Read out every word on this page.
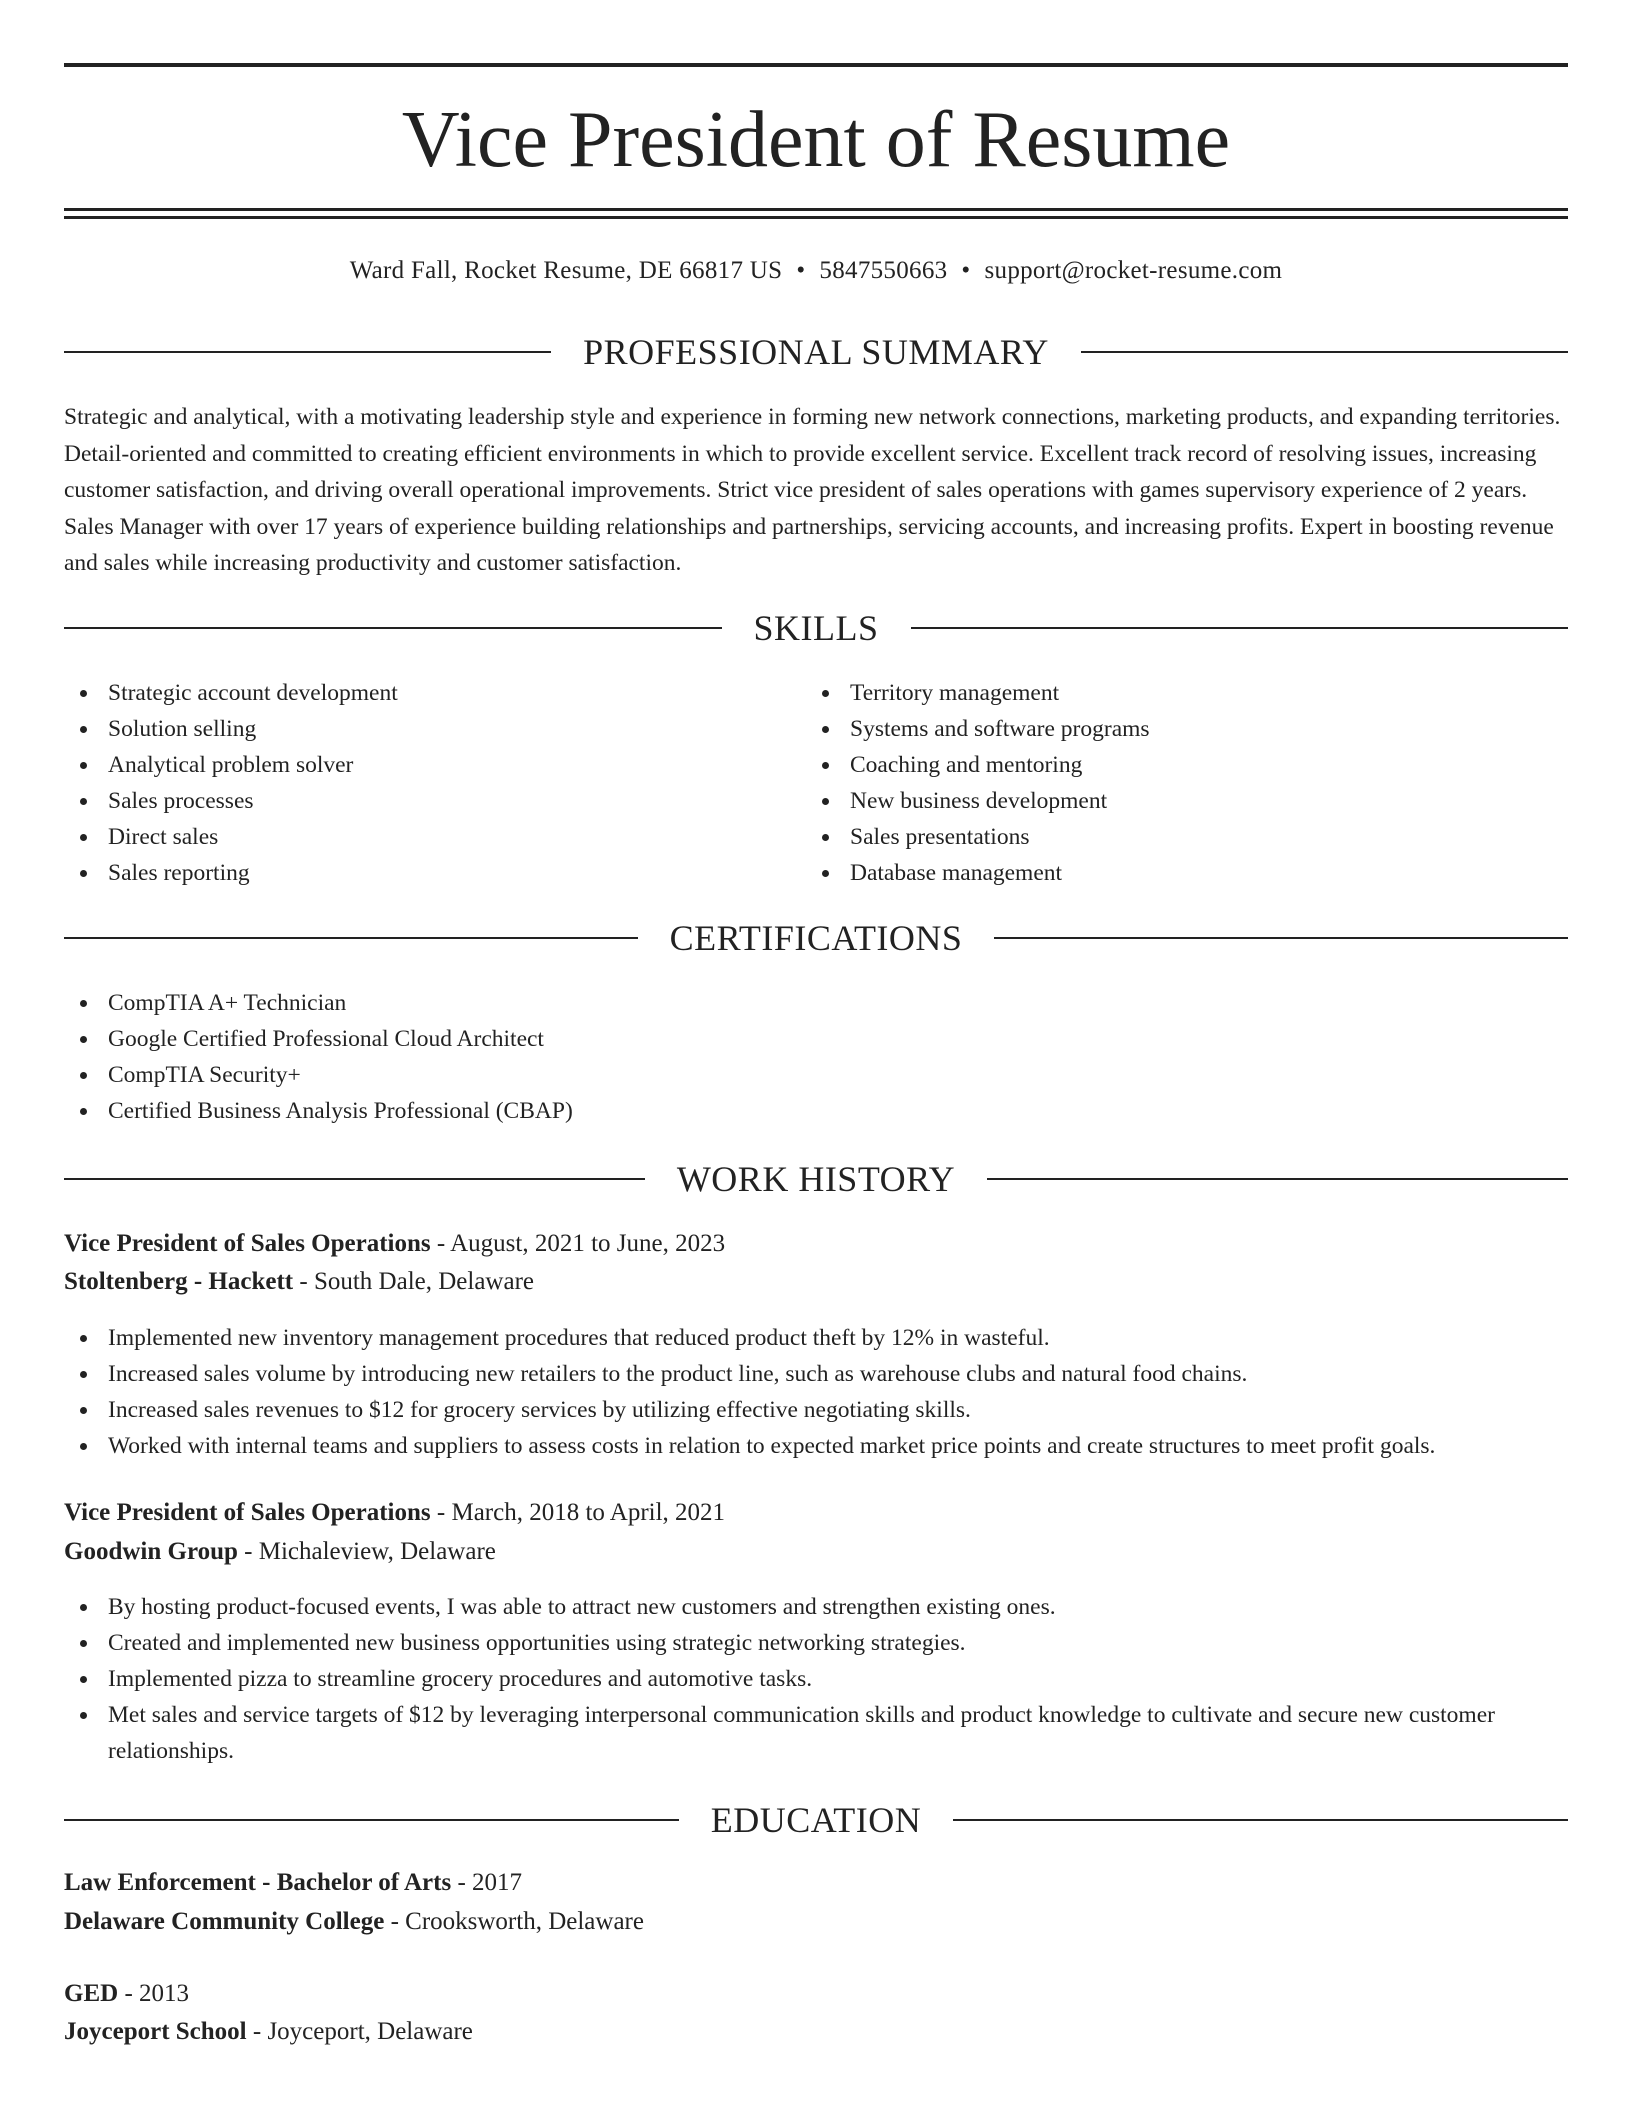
Vice President of Resume
Ward Fall, Rocket Resume, DE 66817 US • 5847550663 • support@rocket-resume.com
PROFESSIONAL SUMMARY

Strategic and analytical, with a motivating leadership style and experience in forming new network connections, marketing products, and expanding territories. Detail-oriented and committed to creating efficient environments in which to provide excellent service. Excellent track record of resolving issues, increasing customer satisfaction, and driving overall operational improvements. Strict vice president of sales operations with games supervisory experience of 2 years. Sales Manager with over 17 years of experience building relationships and partnerships, servicing accounts, and increasing profits. Expert in boosting revenue and sales while increasing productivity and customer satisfaction.

SKILLS
Strategic account development
Solution selling
Analytical problem solver
Sales processes
Direct sales
Sales reporting
Territory management
Systems and software programs
Coaching and mentoring
New business development
Sales presentations
Database management
CERTIFICATIONS
CompTIA A+ Technician
Google Certified Professional Cloud Architect
CompTIA Security+
Certified Business Analysis Professional (CBAP)
WORK HISTORY
Vice President of Sales Operations - August, 2021 to June, 2023
Stoltenberg - Hackett - South Dale, Delaware
Implemented new inventory management procedures that reduced product theft by 12% in wasteful.
Increased sales volume by introducing new retailers to the product line, such as warehouse clubs and natural food chains.
Increased sales revenues to $12 for grocery services by utilizing effective negotiating skills.
Worked with internal teams and suppliers to assess costs in relation to expected market price points and create structures to meet profit goals.
Vice President of Sales Operations - March, 2018 to April, 2021
Goodwin Group - Michaleview, Delaware
By hosting product-focused events, I was able to attract new customers and strengthen existing ones.
Created and implemented new business opportunities using strategic networking strategies.
Implemented pizza to streamline grocery procedures and automotive tasks.
Met sales and service targets of $12 by leveraging interpersonal communication skills and product knowledge to cultivate and secure new customer relationships.
EDUCATION
Law Enforcement - Bachelor of Arts - 2017
Delaware Community College - Crooksworth, Delaware
GED - 2013
Joyceport School - Joyceport, Delaware
